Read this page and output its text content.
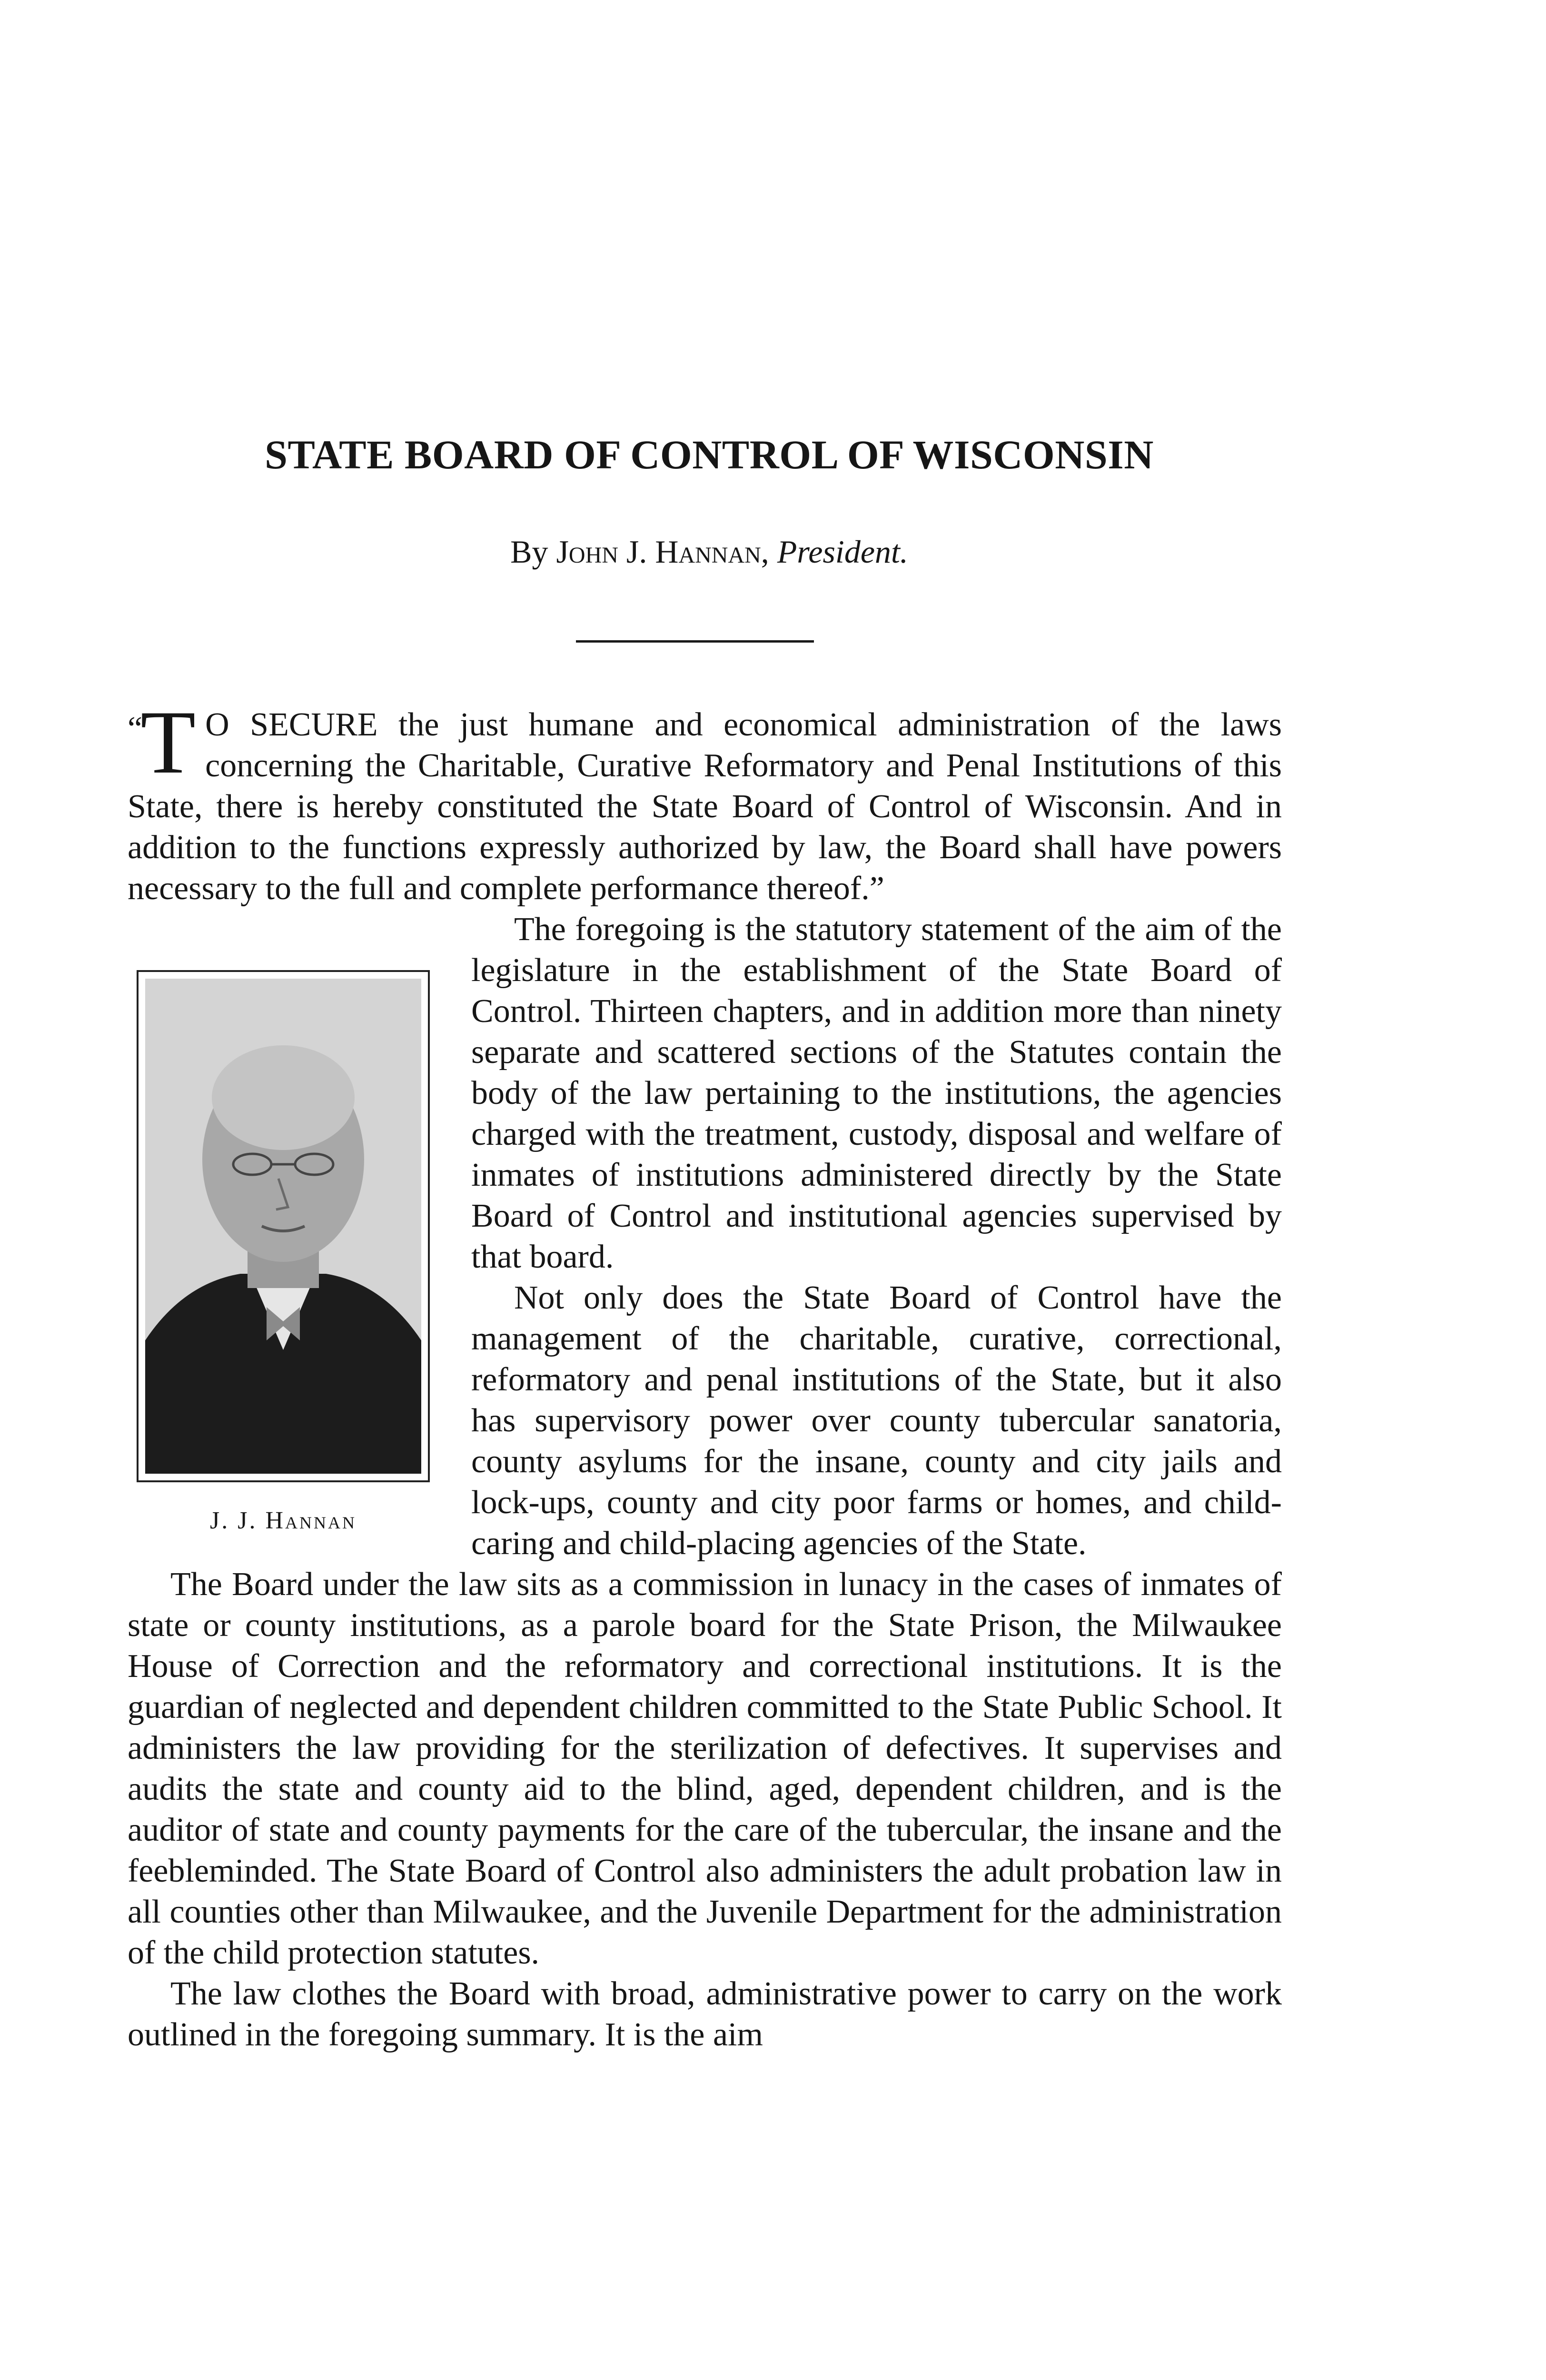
STATE BOARD OF CONTROL OF WISCONSIN

By John J. Hannan, President.

“ T O SECURE the just humane and economical administration of the laws concerning the Charitable, Curative Reformatory and Penal Institutions of this State, there is hereby constituted the State Board of Control of Wisconsin. And in addition to the functions expressly authorized by law, the Board shall have powers necessary to the full and complete performance thereof.”

J. J. Hannan

The foregoing is the statutory statement of the aim of the legislature in the establishment of the State Board of Control. Thirteen chapters, and in addition more than ninety separate and scattered sections of the Statutes contain the body of the law pertaining to the institutions, the agencies charged with the treatment, custody, disposal and welfare of inmates of institutions administered directly by the State Board of Control and institutional agencies supervised by that board.

Not only does the State Board of Control have the management of the charitable, curative, correctional, reformatory and penal institutions of the State, but it also has supervisory power over county tubercular sanatoria, county asylums for the insane, county and city jails and lock-ups, county and city poor farms or homes, and child-caring and child-placing agencies of the State.

The Board under the law sits as a commission in lunacy in the cases of inmates of state or county institutions, as a parole board for the State Prison, the Milwaukee House of Correction and the reformatory and correctional institutions. It is the guardian of neglected and dependent children committed to the State Public School. It administers the law providing for the sterilization of defectives. It supervises and audits the state and county aid to the blind, aged, dependent children, and is the auditor of state and county payments for the care of the tubercular, the insane and the feebleminded. The State Board of Control also administers the adult probation law in all counties other than Milwaukee, and the Juvenile Department for the administration of the child protection statutes.

The law clothes the Board with broad, administrative power to carry on the work outlined in the foregoing summary. It is the aim
